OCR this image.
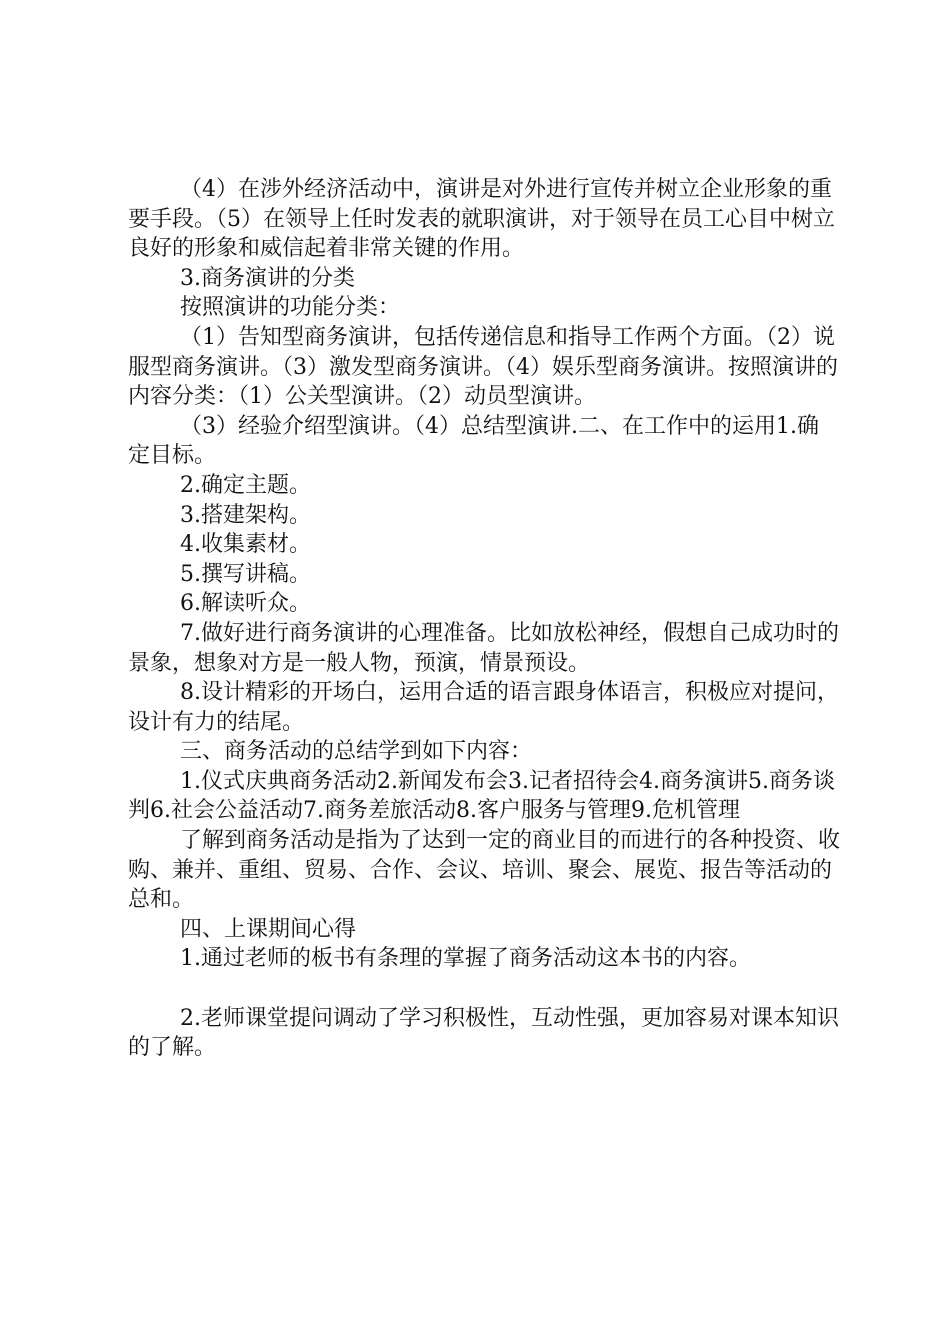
（4）在涉外经济活动中，演讲是对外进行宣传并树立企业形象的重要手段。（5）在领导上任时发表的就职演讲，对于领导在员工心目中树立良好的形象和威信起着非常关键的作用。

3.商务演讲的分类

按照演讲的功能分类：

（1）告知型商务演讲，包括传递信息和指导工作两个方面。（2）说服型商务演讲。（3）激发型商务演讲。（4）娱乐型商务演讲。按照演讲的内容分类：（1）公关型演讲。（2）动员型演讲。

（3）经验介绍型演讲。（4）总结型演讲.二、在工作中的运用1.确定目标。

2.确定主题。

3.搭建架构。

4.收集素材。

5.撰写讲稿。

6.解读听众。

7.做好进行商务演讲的心理准备。比如放松神经，假想自己成功时的景象，想象对方是一般人物，预演，情景预设。

8.设计精彩的开场白，运用合适的语言跟身体语言，积极应对提问，设计有力的结尾。

三、商务活动的总结学到如下内容：

1.仪式庆典商务活动2.新闻发布会3.记者招待会4.商务演讲5.商务谈判6.社会公益活动7.商务差旅活动8.客户服务与管理9.危机管理

了解到商务活动是指为了达到一定的商业目的而进行的各种投资、收购、兼并、重组、贸易、合作、会议、培训、聚会、展览、报告等活动的总和。

四、上课期间心得

1.通过老师的板书有条理的掌握了商务活动这本书的内容。

2.老师课堂提问调动了学习积极性，互动性强，更加容易对课本知识的了解。
